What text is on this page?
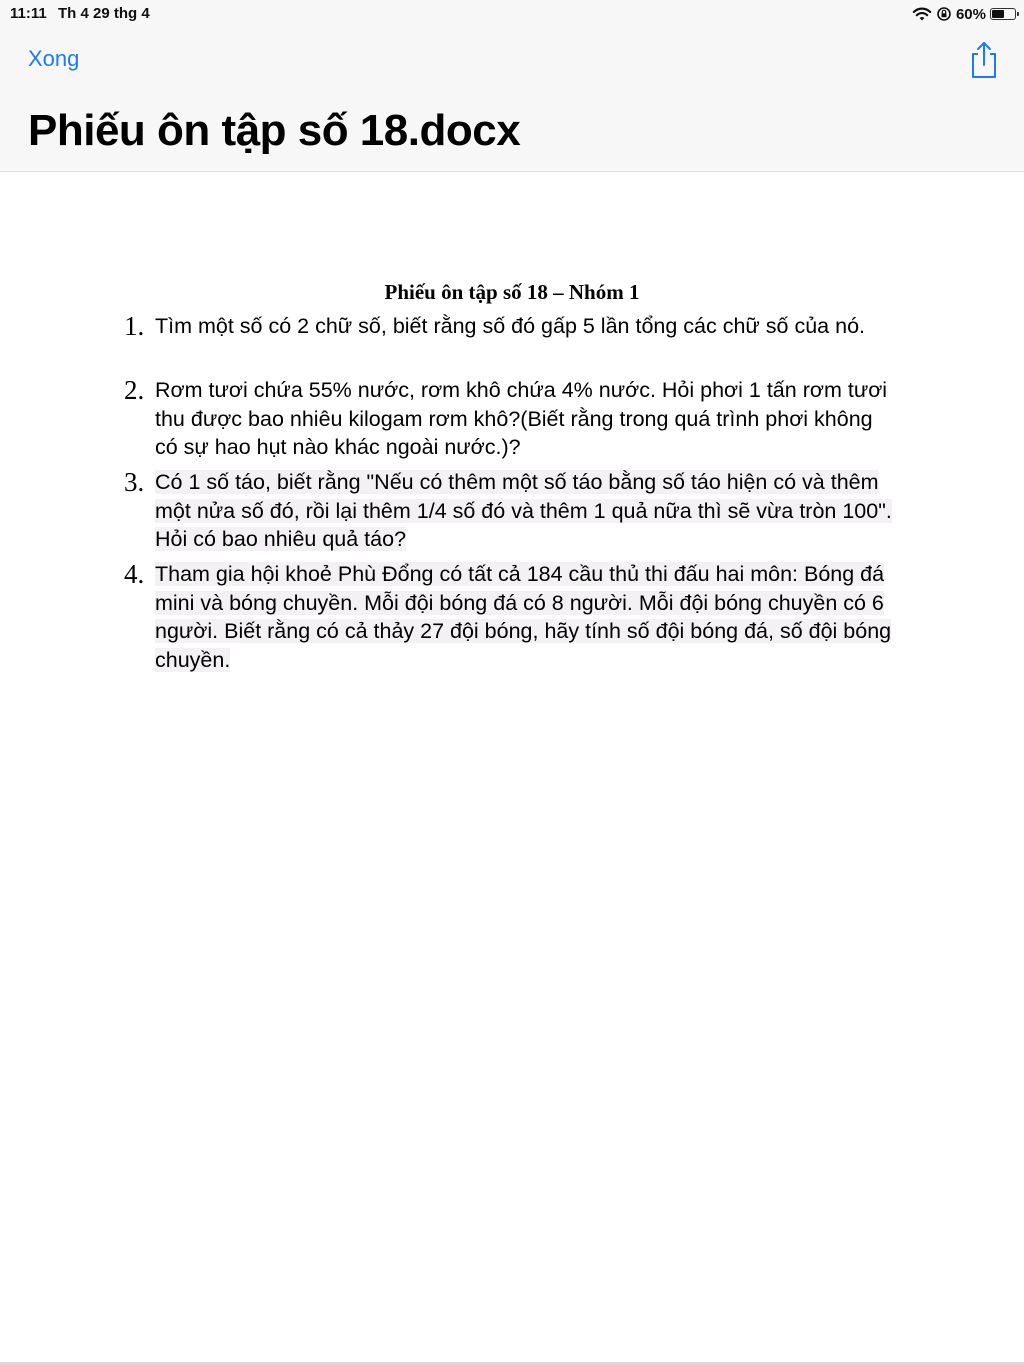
11:11 Th 4 29 thg 4	60%
Xong
Phiếu ôn tập số 18.docx
Phiếu ôn tập số 18 – Nhóm 1
1. Tìm một số có 2 chữ số, biết rằng số đó gấp 5 lần tổng các chữ số của nó.
2. Rơm tươi chứa 55% nước, rơm khô chứa 4% nước. Hỏi phơi 1 tấn rơm tươi thu được bao nhiêu kilogam rơm khô?(Biết rằng trong quá trình phơi không có sự hao hụt nào khác ngoài nước.)?
3. Có 1 số táo, biết rằng "Nếu có thêm một số táo bằng số táo hiện có và thêm một nửa số đó, rồi lại thêm 1/4 số đó và thêm 1 quả nữa thì sẽ vừa tròn 100". Hỏi có bao nhiêu quả táo?
4. Tham gia hội khoẻ Phù Đổng có tất cả 184 cầu thủ thi đấu hai môn: Bóng đá mini và bóng chuyền. Mỗi đội bóng đá có 8 người. Mỗi đội bóng chuyền có 6 người. Biết rằng có cả thảy 27 đội bóng, hãy tính số đội bóng đá, số đội bóng chuyền.
